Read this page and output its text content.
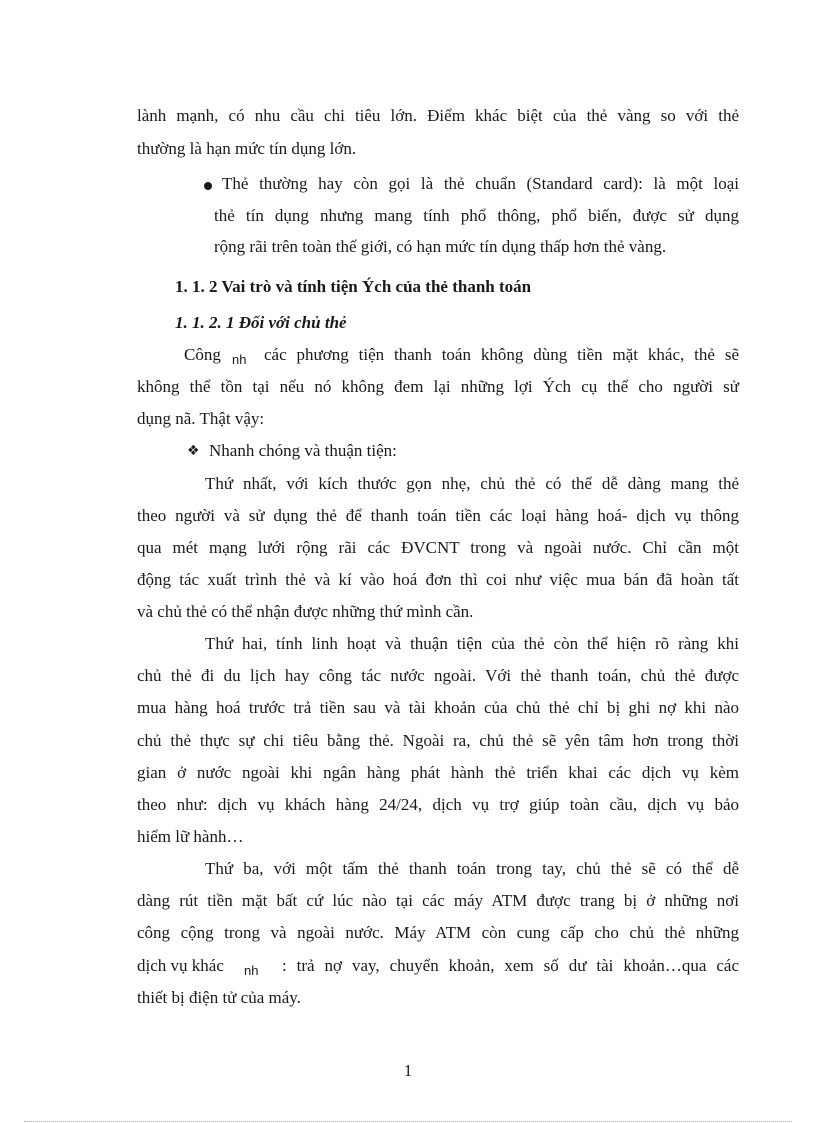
lành mạnh, có nhu cầu chi tiêu lớn. Điểm khác biệt của thẻ vàng so với thẻ
thường là hạn mức tín dụng lớn.
Thẻ thường hay còn gọi là thẻ chuẩn (Standard card): là một loại
thẻ tín dụng nhưng mang tính phổ thông, phổ biến, được sử dụng
rộng rãi trên toàn thế giới, có hạn mức tín dụng thấp hơn thẻ vàng.
1. 1. 2 Vai trò và tính tiện Ých của thẻ thanh toán
1. 1. 2. 1 Đối với chủ thẻ
Công $_{nh}$	các phương tiện thanh toán không dùng tiền mặt khác, thẻ sẽ
không thể tồn tại nếu nó không đem lại những lợi Ých cụ thể cho người sử
dụng nã. Thật vậy:
❖ Nhanh chóng và thuận tiện:
Thứ nhất, với kích thước gọn nhẹ, chủ thẻ có thể dễ dàng mang thẻ
theo người và sử dụng thẻ để thanh toán tiền các loại hàng hoá- dịch vụ thông
qua mét mạng lưới rộng rãi các ĐVCNT trong và ngoài nước. Chỉ cần một
động tác xuất trình thẻ và kí vào hoá đơn thì coi như việc mua bán đã hoàn tất
và chủ thẻ có thể nhận được những thứ mình cần.
Thứ hai, tính linh hoạt và thuận tiện của thẻ còn thể hiện rõ ràng khi
chủ thẻ đi du lịch hay công tác nước ngoài. Với thẻ thanh toán, chủ thẻ được
mua hàng hoá trước trả tiền sau và tài khoản của chủ thẻ chỉ bị ghi nợ khi nào
chủ thẻ thực sự chi tiêu bằng thẻ. Ngoài ra, chủ thẻ sẽ yên tâm hơn trong thời
gian ở nước ngoài khi ngân hàng phát hành thẻ triển khai các dịch vụ kèm
theo như: dịch vụ khách hàng 24/24, dịch vụ trợ giúp toàn cầu, dịch vụ bảo
hiểm lữ hành…
Thứ ba, với một tấm thẻ thanh toán trong tay, chủ thẻ sẽ có thể dễ
dàng rút tiền mặt bất cứ lúc nào tại các máy ATM được trang bị ở những nơi
công cộng trong và ngoài nước. Máy ATM còn cung cấp cho chủ thẻ những
dịch vụ khác	$_{nh}$	: trả nợ vay, chuyển khoản, xem số dư tài khoản…qua các
thiết bị điện tử của máy.
1
